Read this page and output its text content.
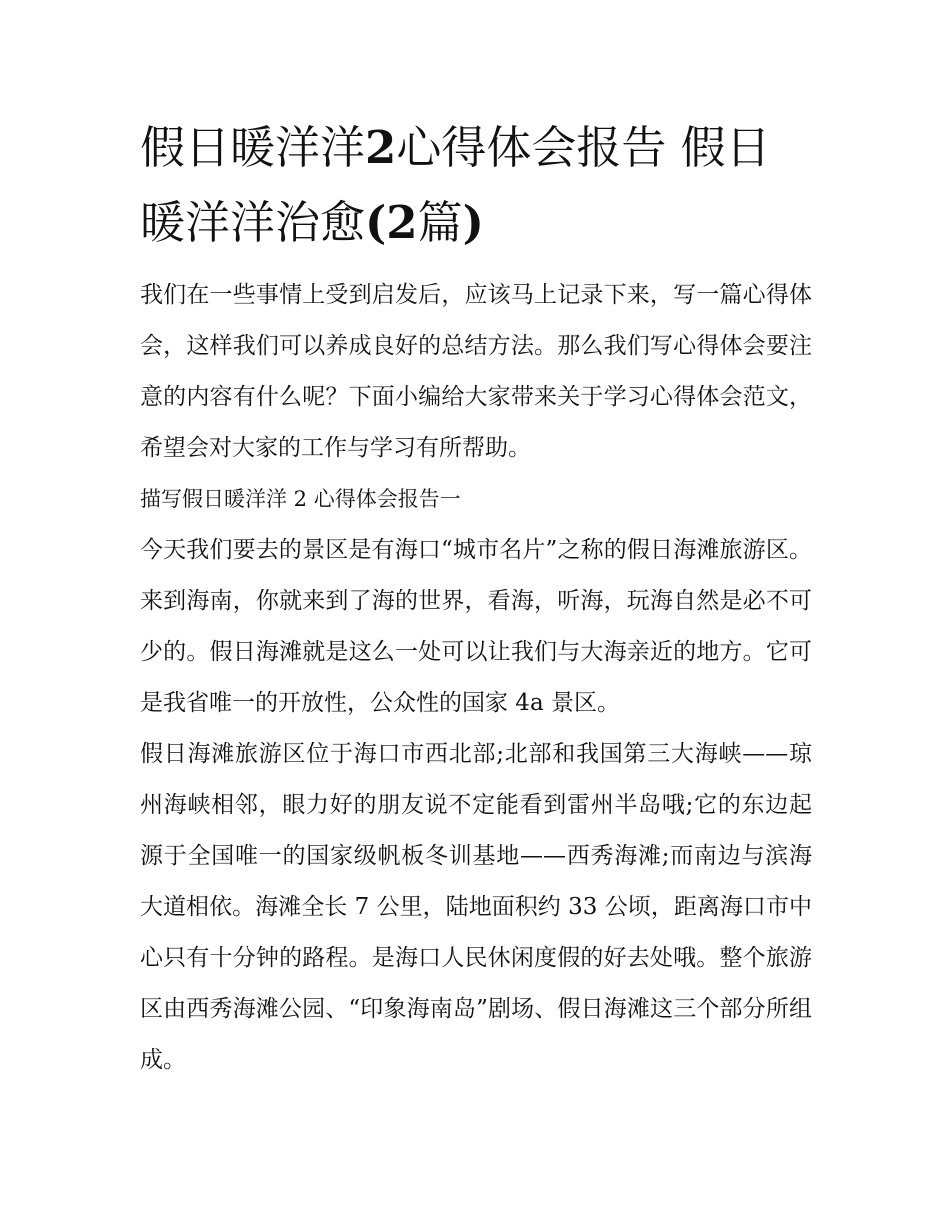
假日暖洋洋2心得体会报告 假日暖洋洋治愈(2篇)

我们在一些事情上受到启发后，应该马上记录下来，写一篇心得体会，这样我们可以养成良好的总结方法。那么我们写心得体会要注意的内容有什么呢？下面小编给大家带来关于学习心得体会范文，希望会对大家的工作与学习有所帮助。

描写假日暖洋洋 2 心得体会报告一

今天我们要去的景区是有海口“城市名片”之称的假日海滩旅游区。来到海南，你就来到了海的世界，看海，听海，玩海自然是必不可少的。假日海滩就是这么一处可以让我们与大海亲近的地方。它可是我省唯一的开放性，公众性的国家 4a 景区。

假日海滩旅游区位于海口市西北部;北部和我国第三大海峡——琼州海峡相邻，眼力好的朋友说不定能看到雷州半岛哦;它的东边起源于全国唯一的国家级帆板冬训基地——西秀海滩;而南边与滨海大道相依。海滩全长 7 公里，陆地面积约 33 公顷，距离海口市中心只有十分钟的路程。是海口人民休闲度假的好去处哦。整个旅游区由西秀海滩公园、“印象海南岛”剧场、假日海滩这三个部分所组成。
